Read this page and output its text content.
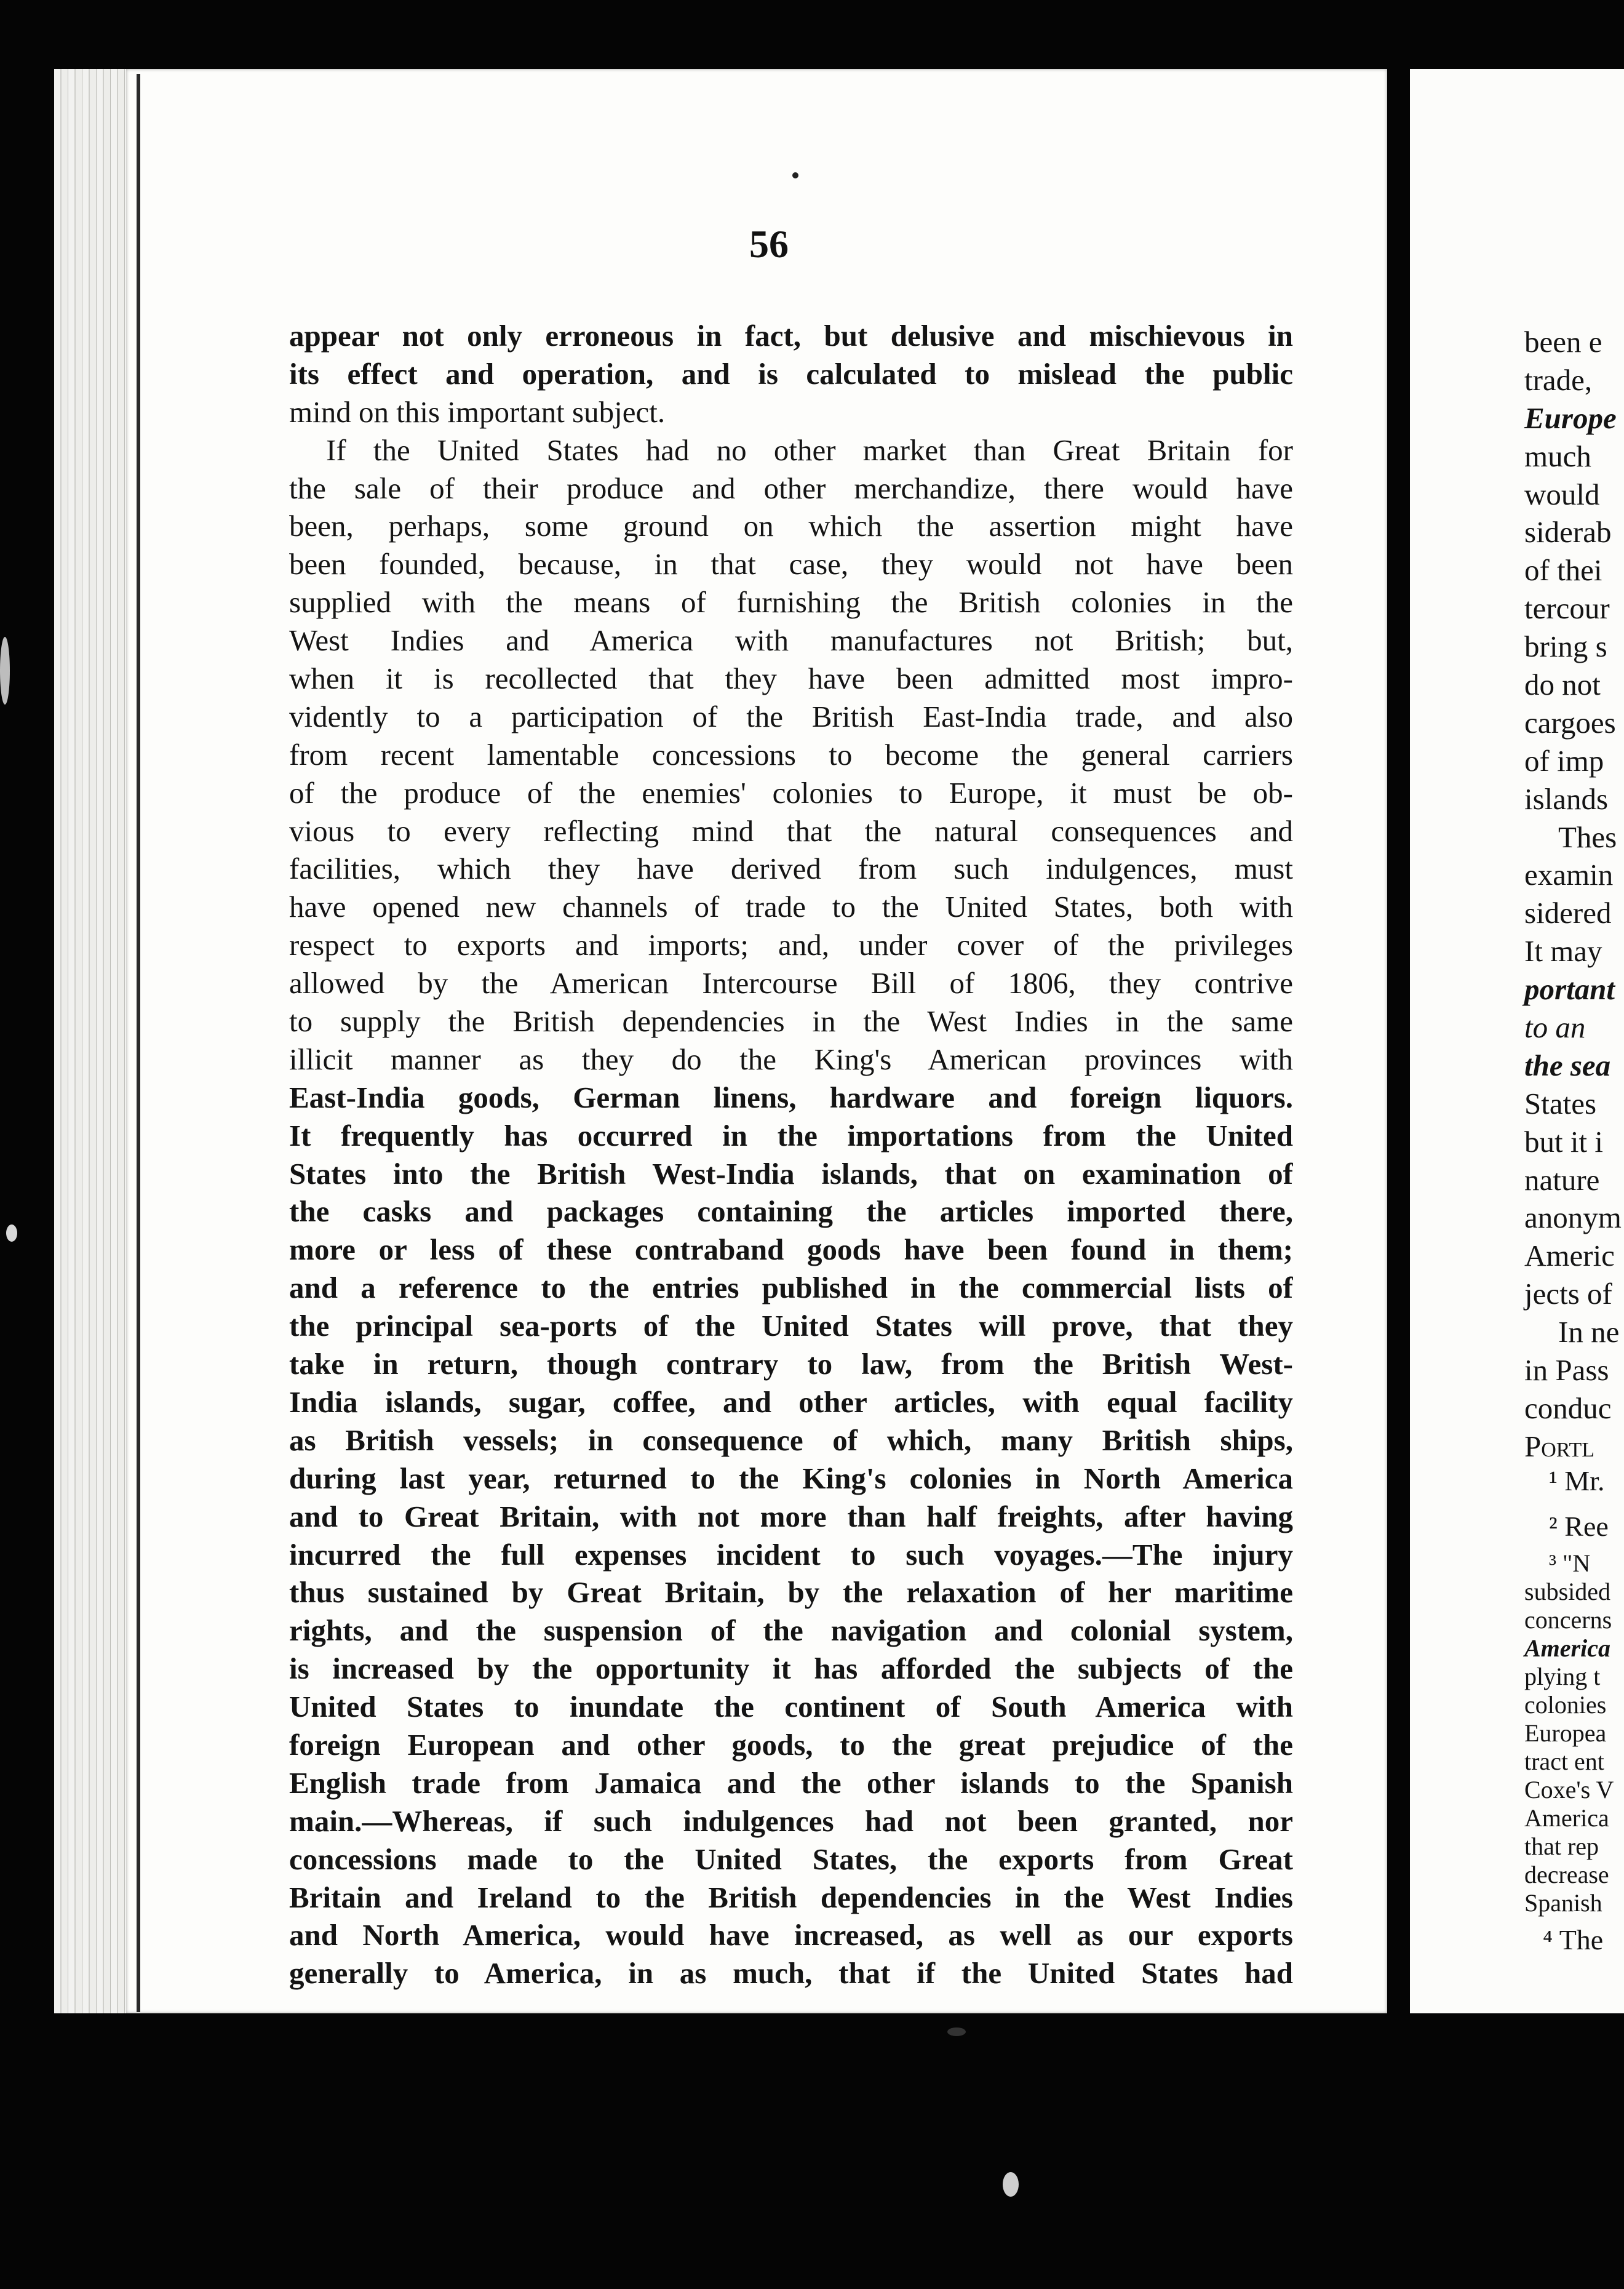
56
appear not only erroneous in fact, but delusive and mischievous in
its effect and operation, and is calculated to mislead the public
mind on this important subject.
If the United States had no other market than Great Britain for
the sale of their produce and other merchandize, there would have
been, perhaps, some ground on which the assertion might have
been founded, because, in that case, they would not have been
supplied with the means of furnishing the British colonies in the
West Indies and America with manufactures not British; but,
when it is recollected that they have been admitted most impro-
vidently to a participation of the British East-India trade, and also
from recent lamentable concessions to become the general carriers
of the produce of the enemies' colonies to Europe, it must be ob-
vious to every reflecting mind that the natural consequences and
facilities, which they have derived from such indulgences, must
have opened new channels of trade to the United States, both with
respect to exports and imports; and, under cover of the privileges
allowed by the American Intercourse Bill of 1806, they contrive
to supply the British dependencies in the West Indies in the same
illicit manner as they do the King's American provinces with
East-India goods, German linens, hardware and foreign liquors.
It frequently has occurred in the importations from the United
States into the British West-India islands, that on examination of
the casks and packages containing the articles imported there,
more or less of these contraband goods have been found in them;
and a reference to the entries published in the commercial lists of
the principal sea-ports of the United States will prove, that they
take in return, though contrary to law, from the British West-
India islands, sugar, coffee, and other articles, with equal facility
as British vessels; in consequence of which, many British ships,
during last year, returned to the King's colonies in North America
and to Great Britain, with not more than half freights, after having
incurred the full expenses incident to such voyages.—The injury
thus sustained by Great Britain, by the relaxation of her maritime
rights, and the suspension of the navigation and colonial system,
is increased by the opportunity it has afforded the subjects of the
United States to inundate the continent of South America with
foreign European and other goods, to the great prejudice of the
English trade from Jamaica and the other islands to the Spanish
main.—Whereas, if such indulgences had not been granted, nor
concessions made to the United States, the exports from Great
Britain and Ireland to the British dependencies in the West Indies
and North America, would have increased, as well as our exports
generally to America, in as much, that if the United States had
been e
trade,
Europe
much
would
siderab
of thei
tercour
bring s
do not
cargoes
of imp
islands
Thes
examin
sidered
It may
portant
to an
the sea
States
but it i
nature
anonym
Americ
jects of
In ne
in Pass
conduc
Portl
¹ Mr.
² Ree
³ "N
subsided
concerns
America
plying t
colonies
Europea
tract ent
Coxe's V
America
that rep
decrease
Spanish
⁴ The
